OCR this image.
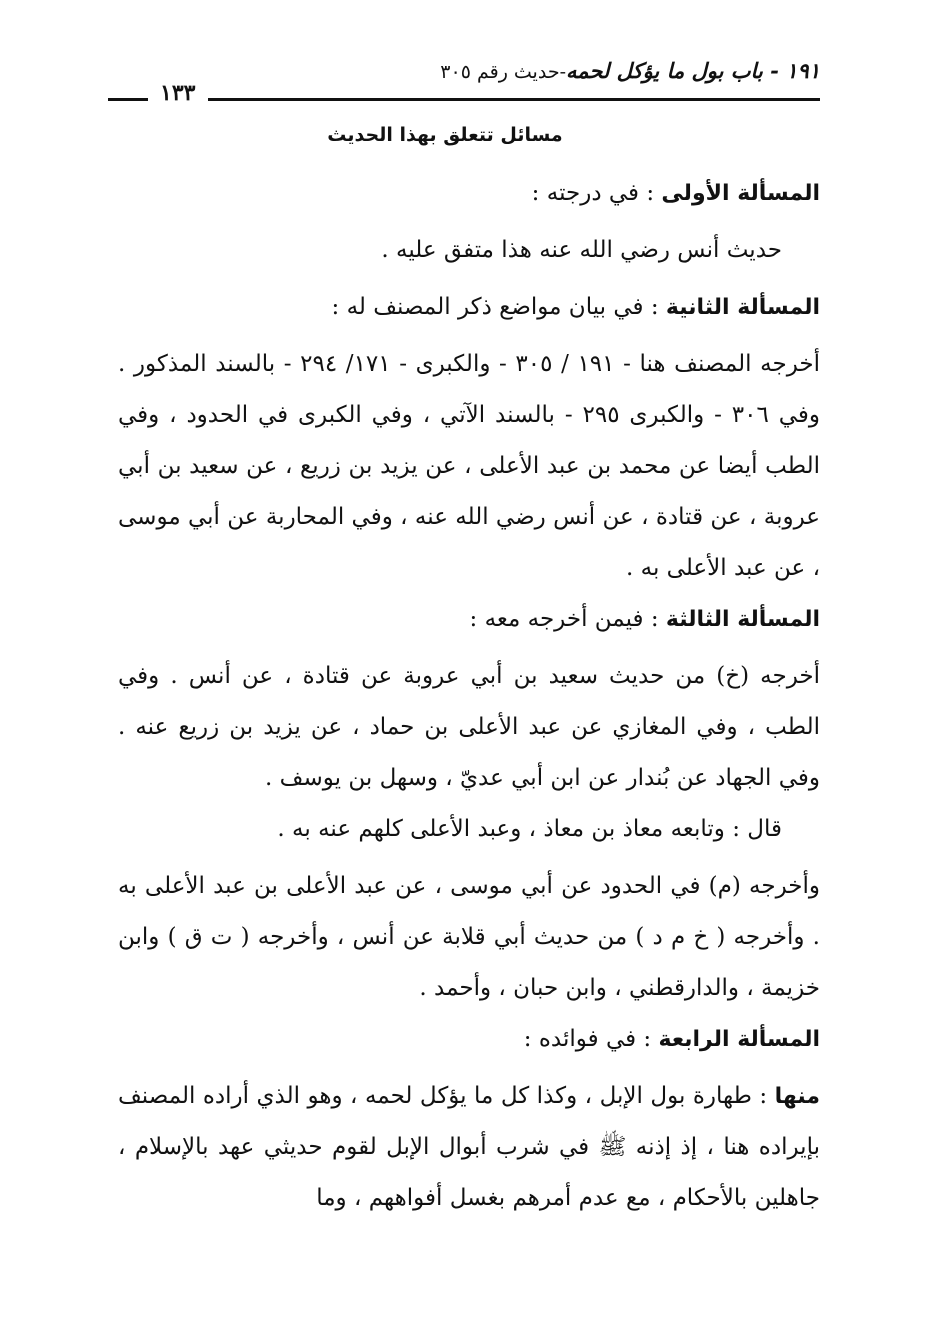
١٩١ - باب بول ما يؤكل لحمه-حديث رقم ٣٠٥
١٣٣
مسائل تتعلق بهذا الحديث

المسألة الأولى : في درجته :

حديث أنس رضي الله عنه هذا متفق عليه .

المسألة الثانية : في بيان مواضع ذكر المصنف له :

أخرجه المصنف هنا - ١٩١ / ٣٠٥ - والكبرى - ١٧١/ ٢٩٤ - بالسند المذكور . وفي ٣٠٦ - والكبرى ٢٩٥ - بالسند الآتي ، وفي الكبرى في الحدود ، وفي الطب أيضا عن محمد بن عبد الأعلى ، عن يزيد بن زريع ، عن سعيد بن أبي عروبة ، عن قتادة ، عن أنس رضي الله عنه ، وفي المحاربة عن أبي موسى ، عن عبد الأعلى به .

المسألة الثالثة : فيمن أخرجه معه :

أخرجه (خ) من حديث سعيد بن أبي عروبة عن قتادة ، عن أنس . وفي الطب ، وفي المغازي عن عبد الأعلى بن حماد ، عن يزيد بن زريع عنه . وفي الجهاد عن بُندار عن ابن أبي عديّ ، وسهل بن يوسف .

قال : وتابعه معاذ بن معاذ ، وعبد الأعلى كلهم عنه به .

وأخرجه (م) في الحدود عن أبي موسى ، عن عبد الأعلى بن عبد الأعلى به . وأخرجه ( خ م د ) من حديث أبي قلابة عن أنس ، وأخرجه ( ت ق ) وابن خزيمة ، والدارقطني ، وابن حبان ، وأحمد .

المسألة الرابعة : في فوائده :

منها : طهارة بول الإبل ، وكذا كل ما يؤكل لحمه ، وهو الذي أراده المصنف بإيراده هنا ، إذ إذنه ﷺ في شرب أبوال الإبل لقوم حديثي عهد بالإسلام ، جاهلين بالأحكام ، مع عدم أمرهم بغسل أفواههم ، وما
